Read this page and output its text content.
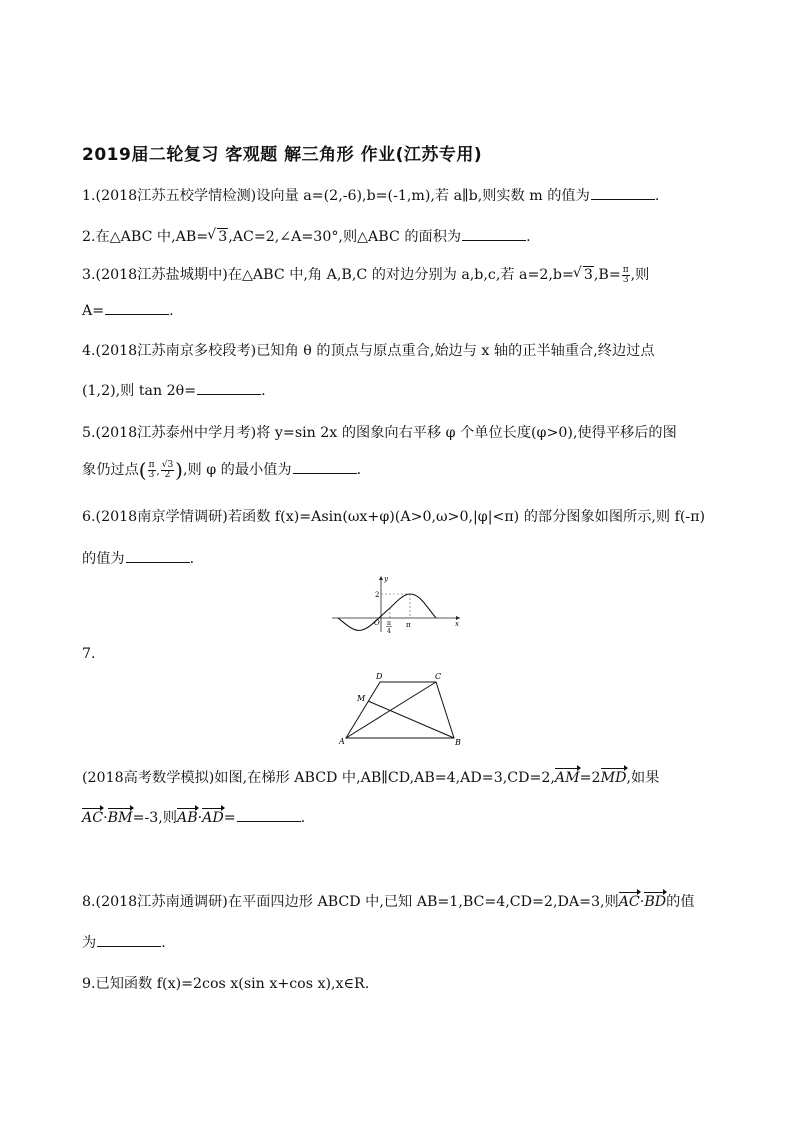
2019届二轮复习 客观题 解三角形 作业(江苏专用)
1.(2018江苏五校学情检测)设向量 a=(2,-6),b=(-1,m),若 a∥b,则实数 m 的值为	.
2.在△ABC 中,AB= √ 3,AC=2,∠A=30°,则△ABC 的面积为	.
3.(2018江苏盐城期中)在△ABC 中,角 A,B,C 的对边分别为 a,b,c,若 a=2,b= √ $3,B= \frac{\pi}{3}$ ,则
A=	.
4.(2018江苏南京多校段考)已知角 θ 的顶点与原点重合,始边与 x 轴的正半轴重合,终边过点
(1,2),则 tan 2θ=	.
5.(2018江苏泰州中学月考)将 y=sin 2x 的图象向右平移 φ 个单位长度(φ>0),使得平移后的图
象仍过点( $\frac{\pi}{3}$ , $\frac{√3}{2}$ ),则 φ 的最小值为	.
6.(2018南京学情调研)若函数 f(x)=Asin(ωx+φ)(A>0,ω>0,|φ|<π) 的部分图象如图所示,则 f(-π)
的值为	.
y
x
O
2
π
4
π
7.
D	C
M
A	B
(2018高考数学模拟)如图,在梯形 ABCD 中,AB∥CD,AB=4,AD=3,CD=2,AM=2MD,如果
AC·BM=-3,则AB·AD=	.
8.(2018江苏南通调研)在平面四边形 ABCD 中,已知 AB=1,BC=4,CD=2,DA=3,则AC·BD的值
为	.
9.已知函数 f(x)=2cos x(sin x+cos x),x∈R.
